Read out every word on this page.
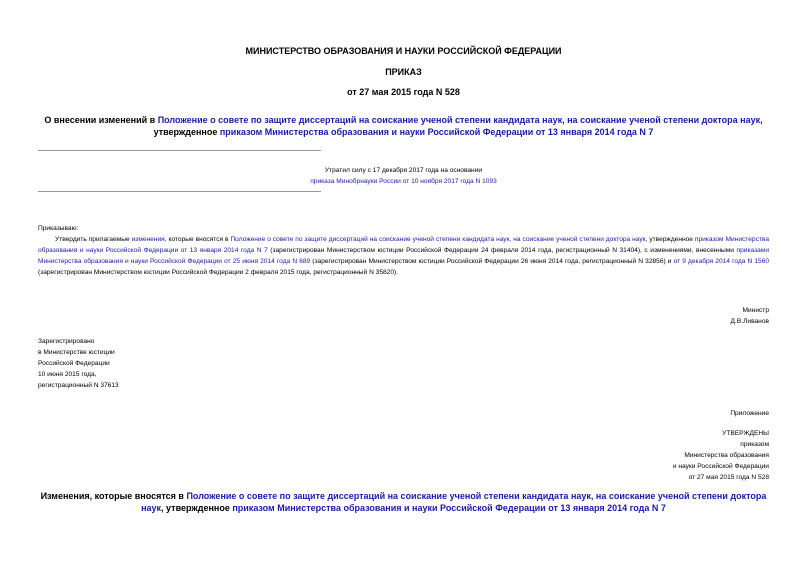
МИНИСТЕРСТВО ОБРАЗОВАНИЯ И НАУКИ РОССИЙСКОЙ ФЕДЕРАЦИИ
ПРИКАЗ
от 27 мая 2015 года N 528
О внесении изменений в Положение о совете по защите диссертаций на соискание ученой степени кандидата наук, на соискание ученой степени доктора наук,
утвержденное приказом Министерства образования и науки Российской Федерации от 13 января 2014 года N 7
Утратил силу с 17 декабря 2017 года на основании
приказа Минобрнауки России от 10 ноября 2017 года N 1093
Приказываю:
Утвердить прилагаемые изменения, которые вносятся в Положение о совете по защите диссертаций на соискание ученой степени кандидата наук, на соискание ученой степени доктора наук, утвержденное приказом Министерства образования и науки Российской Федерации от 13 января 2014 года N 7 (зарегистрирован Министерством юстиции Российской Федерации 24 февраля 2014 года, регистрационный N 31404), с изменениями, внесенными приказами Министерства образования и науки Российской Федерации от 25 июня 2014 года N 689 (зарегистрирован Министерством юстиции Российской Федерации 26 июня 2014 года, регистрационный N 32856) и от 9 декабря 2014 года N 1560 (зарегистрирован Министерством юстиции Российской Федерации 2 февраля 2015 года, регистрационный N 35820).
Министр
Д.В.Ливанов
Зарегистрировано
в Министерстве юстиции
Российской Федерации
10 июня 2015 года,
регистрационный N 37613
Приложение
УТВЕРЖДЕНЫ
приказом
Министерства образования
и науки Российской Федерации
от 27 мая 2015 года N 528
Изменения, которые вносятся в Положение о совете по защите диссертаций на соискание ученой степени кандидата наук, на соискание ученой степени доктора
наук, утвержденное приказом Министерства образования и науки Российской Федерации от 13 января 2014 года N 7
